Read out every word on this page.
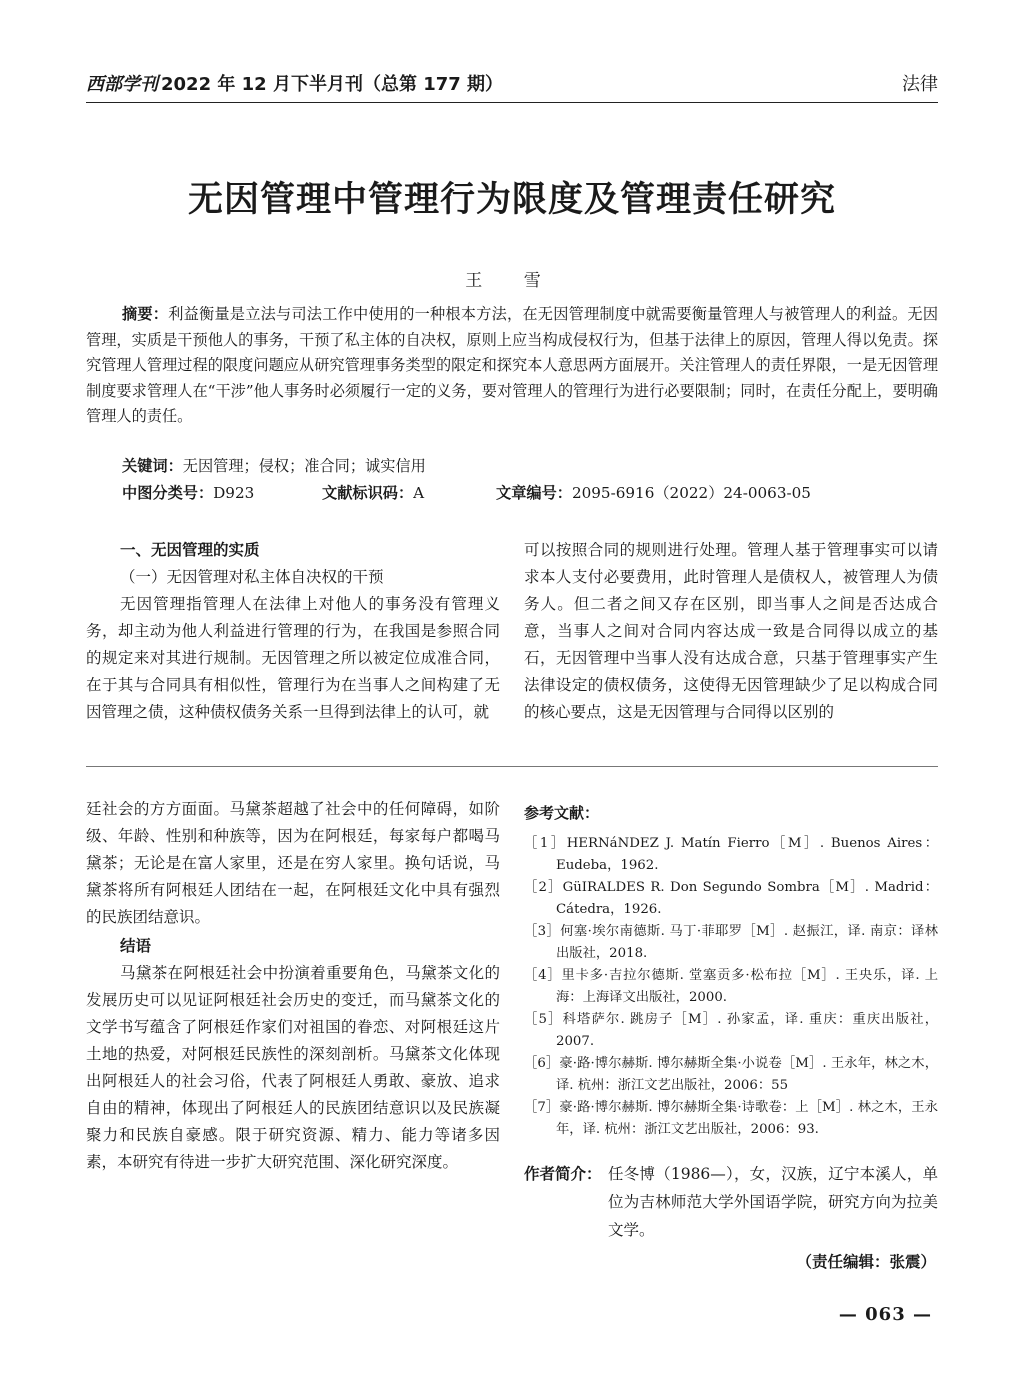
西部学刊 2022 年 12 月下半月刊（总第 177 期）	法律
无因管理中管理行为限度及管理责任研究
王 雪

摘要：利益衡量是立法与司法工作中使用的一种根本方法，在无因管理制度中就需要衡量管理人与被管理人的利益。无因管理，实质是干预他人的事务，干预了私主体的自决权，原则上应当构成侵权行为，但基于法律上的原因，管理人得以免责。探究管理人管理过程的限度问题应从研究管理事务类型的限定和探究本人意思两方面展开。关注管理人的责任界限，一是无因管理制度要求管理人在“干涉”他人事务时必须履行一定的义务，要对管理人的管理行为进行必要限制；同时，在责任分配上，要明确管理人的责任。

关键词：无因管理；侵权；准合同；诚实信用
中图分类号：D923	文献标识码：A	文章编号：2095-6916（2022）24-0063-05

一、无因管理的实质

（一）无因管理对私主体自决权的干预

无因管理指管理人在法律上对他人的事务没有管理义务，却主动为他人利益进行管理的行为，在我国是参照合同的规定来对其进行规制。无因管理之所以被定位成准合同，在于其与合同具有相似性，管理行为在当事人之间构建了无因管理之债，这种债权债务关系一旦得到法律上的认可，就

可以按照合同的规则进行处理。管理人基于管理事实可以请求本人支付必要费用，此时管理人是债权人，被管理人为债务人。但二者之间又存在区别，即当事人之间是否达成合意，当事人之间对合同内容达成一致是合同得以成立的基石，无因管理中当事人没有达成合意，只基于管理事实产生法律设定的债权债务，这使得无因管理缺少了足以构成合同的核心要点，这是无因管理与合同得以区别的

廷社会的方方面面。马黛茶超越了社会中的任何障碍，如阶级、年龄、性别和种族等，因为在阿根廷，每家每户都喝马黛茶；无论是在富人家里，还是在穷人家里。换句话说，马黛茶将所有阿根廷人团结在一起，在阿根廷文化中具有强烈的民族团结意识。

结语

马黛茶在阿根廷社会中扮演着重要角色，马黛茶文化的发展历史可以见证阿根廷社会历史的变迁，而马黛茶文化的文学书写蕴含了阿根廷作家们对祖国的眷恋、对阿根廷这片土地的热爱，对阿根廷民族性的深刻剖析。马黛茶文化体现出阿根廷人的社会习俗，代表了阿根廷人勇敢、豪放、追求自由的精神，体现出了阿根廷人的民族团结意识以及民族凝聚力和民族自豪感。限于研究资源、精力、能力等诸多因素，本研究有待进一步扩大研究范围、深化研究深度。

参考文献：

［1］HERNáNDEZ J. Matín Fierro［M］. Buenos Aires：Eudeba，1962.

［2］GüIRALDES R. Don Segundo Sombra［M］. Madrid：Cátedra，1926.

［3］何塞·埃尔南德斯. 马丁·菲耶罗［M］. 赵振江，译. 南京：译林出版社，2018.

［4］里卡多·吉拉尔德斯. 堂塞贡多·松布拉［M］. 王央乐，译. 上海：上海译文出版社，2000.

［5］科塔萨尔. 跳房子［M］. 孙家孟，译. 重庆：重庆出版社，2007.

［6］豪·路·博尔赫斯. 博尔赫斯全集·小说卷［M］. 王永年，林之木，译. 杭州：浙江文艺出版社，2006：55

［7］豪·路·博尔赫斯. 博尔赫斯全集·诗歌卷：上［M］. 林之木，王永年，译. 杭州：浙江文艺出版社，2006：93.

作者简介： 任冬博（1986—），女，汉族，辽宁本溪人，单位为吉林师范大学外国语学院，研究方向为拉美文学。
（责任编辑：张震）
— 063 —
